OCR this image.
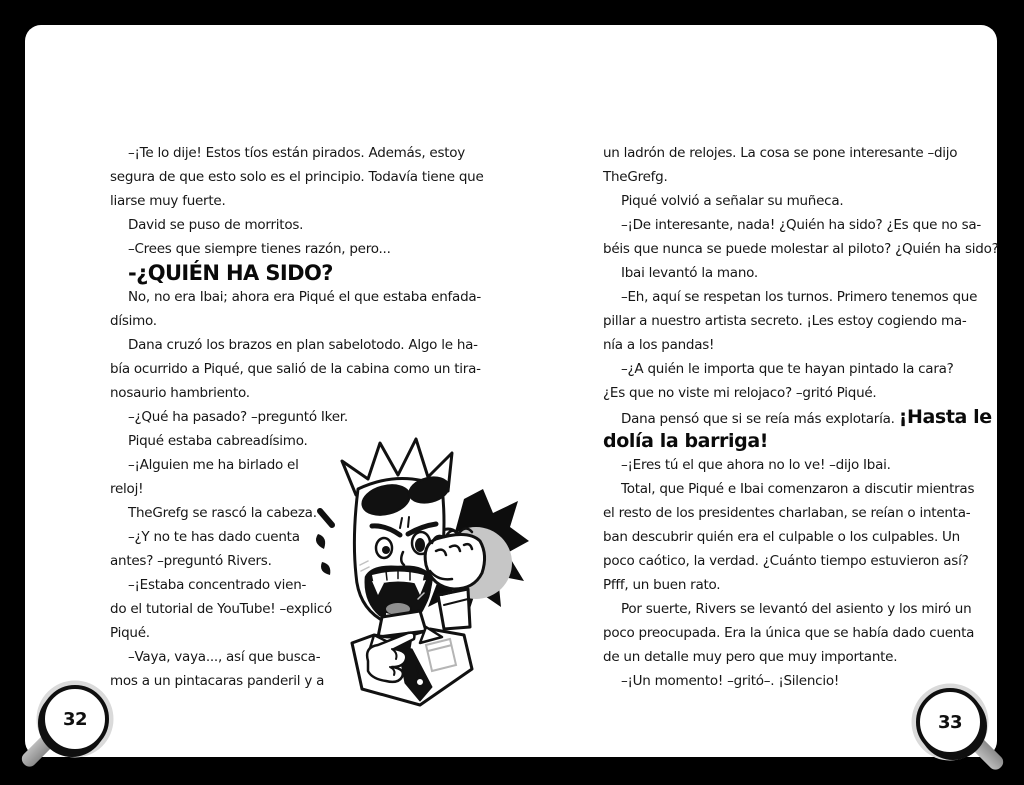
–¡Te lo dije! Estos tíos están pirados. Además, estoy
segura de que esto solo es el principio. Todavía tiene que
liarse muy fuerte.
David se puso de morritos.
–Crees que siempre tienes razón, pero...
-¿QUIÉN HA SIDO?
No, no era Ibai; ahora era Piqué el que estaba enfada-
dísimo.
Dana cruzó los brazos en plan sabelotodo. Algo le ha-
bía ocurrido a Piqué, que salió de la cabina como un tira-
nosaurio hambriento.
–¿Qué ha pasado? –preguntó Iker.
Piqué estaba cabreadísimo.
–¡Alguien me ha birlado el
reloj!
TheGrefg se rascó la cabeza.
–¿Y no te has dado cuenta
antes? –preguntó Rivers.
–¡Estaba concentrado vien-
do el tutorial de YouTube! –explicó
Piqué.
–Vaya, vaya..., así que busca-
mos a un pintacaras panderil y a
un ladrón de relojes. La cosa se pone interesante –dijo
TheGrefg.
Piqué volvió a señalar su muñeca.
–¡De interesante, nada! ¿Quién ha sido? ¿Es que no sa-
béis que nunca se puede molestar al piloto? ¿Quién ha sido?
Ibai levantó la mano.
–Eh, aquí se respetan los turnos. Primero tenemos que
pillar a nuestro artista secreto. ¡Les estoy cogiendo ma-
nía a los pandas!
–¿A quién le importa que te hayan pintado la cara?
¿Es que no viste mi relojaco? –gritó Piqué.
Dana pensó que si se reía más explotaría. ¡Hasta le
dolía la barriga!
–¡Eres tú el que ahora no lo ve! –dijo Ibai.
Total, que Piqué e Ibai comenzaron a discutir mientras
el resto de los presidentes charlaban, se reían o intenta-
ban descubrir quién era el culpable o los culpables. Un
poco caótico, la verdad. ¿Cuánto tiempo estuvieron así?
Pfff, un buen rato.
Por suerte, Rivers se levantó del asiento y los miró un
poco preocupada. Era la única que se había dado cuenta
de un detalle muy pero que muy importante.
–¡Un momento! –gritó–. ¡Silencio!
32	33
